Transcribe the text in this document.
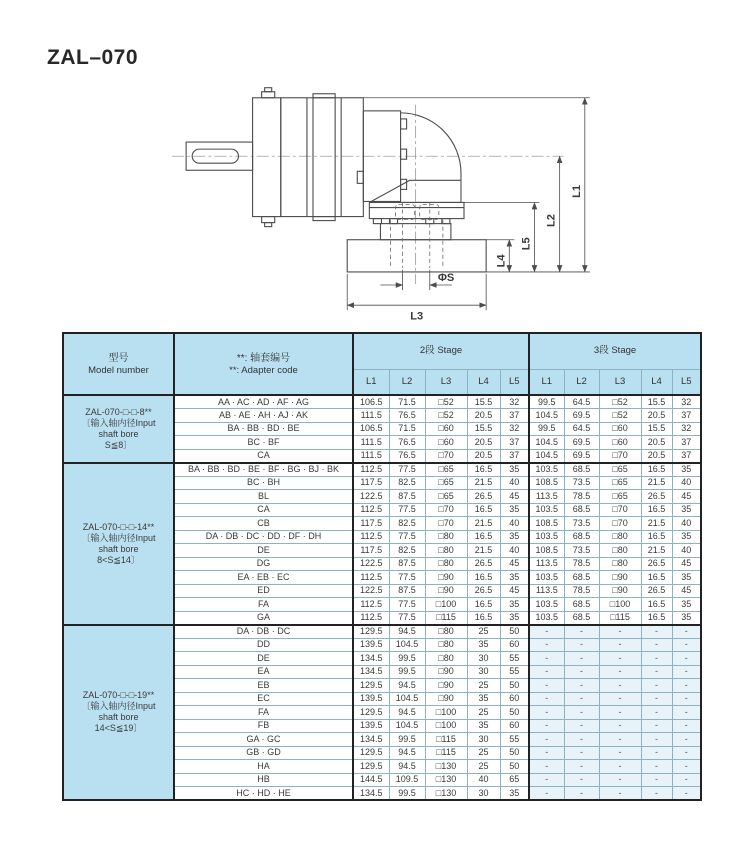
ZAL–070
L1
L2
L5
L4
L3
ΦS
型号
Model number

**: 轴套编号
**: Adapter code
	2段 Stage	3段 Stage
		L1	L2	L3	L4	L5	L1	L2	L3	L4	L5

ZAL-070-□-□-8**
〔输入轴内径Input
shaft bore
S≦8〕	AA · AC · AD · AF · AG	106.5	71.5	□52	15.5	32	99.5	64.5	□52	15.5	32
	AB · AE · AH · AJ · AK	111.5	76.5	□52	20.5	37	104.5	69.5	□52	20.5	37
	BA · BB · BD · BE	106.5	71.5	□60	15.5	32	99.5	64.5	□60	15.5	32
	BC · BF	111.5	76.5	□60	20.5	37	104.5	69.5	□60	20.5	37
	CA	111.5	76.5	□70	20.5	37	104.5	69.5	□70	20.5	37

ZAL-070-□-□-14**
〔输入轴内径Input
shaft bore
8<S≦14〕	BA · BB · BD · BE · BF · BG · BJ · BK	112.5	77.5	□65	16.5	35	103.5	68.5	□65	16.5	35
	BC · BH	117.5	82.5	□65	21.5	40	108.5	73.5	□65	21.5	40
	BL	122.5	87.5	□65	26.5	45	113.5	78.5	□65	26.5	45
	CA	112.5	77.5	□70	16.5	35	103.5	68.5	□70	16.5	35
	CB	117.5	82.5	□70	21.5	40	108.5	73.5	□70	21.5	40
	DA · DB · DC · DD · DF · DH	112.5	77.5	□80	16.5	35	103.5	68.5	□80	16.5	35
	DE	117.5	82.5	□80	21.5	40	108.5	73.5	□80	21.5	40
	DG	122.5	87.5	□80	26.5	45	113.5	78.5	□80	26.5	45
	EA · EB · EC	112.5	77.5	□90	16.5	35	103.5	68.5	□90	16.5	35
	ED	122.5	87.5	□90	26.5	45	113.5	78.5	□90	26.5	45
	FA	112.5	77.5	□100	16.5	35	103.5	68.5	□100	16.5	35
	GA	112.5	77.5	□115	16.5	35	103.5	68.5	□115	16.5	35

ZAL-070-□-□-19**
〔输入轴内径Input
shaft bore
14<S≦19〕	DA · DB · DC	129.5	94.5	□80	25	50	-	-	-	-	-
	DD	139.5	104.5	□80	35	60	-	-	-	-	-
	DE	134.5	99.5	□80	30	55	-	-	-	-	-
	EA	134.5	99.5	□90	30	55	-	-	-	-	-
	EB	129.5	94.5	□90	25	50	-	-	-	-	-
	EC	139.5	104.5	□90	35	60	-	-	-	-	-
	FA	129.5	94.5	□100	25	50	-	-	-	-	-
	FB	139.5	104.5	□100	35	60	-	-	-	-	-
	GA · GC	134.5	99.5	□115	30	55	-	-	-	-	-
	GB · GD	129.5	94.5	□115	25	50	-	-	-	-	-
	HA	129.5	94.5	□130	25	50	-	-	-	-	-
	HB	144.5	109.5	□130	40	65	-	-	-	-	-
	HC · HD · HE	134.5	99.5	□130	30	35	-	-	-	-	-
